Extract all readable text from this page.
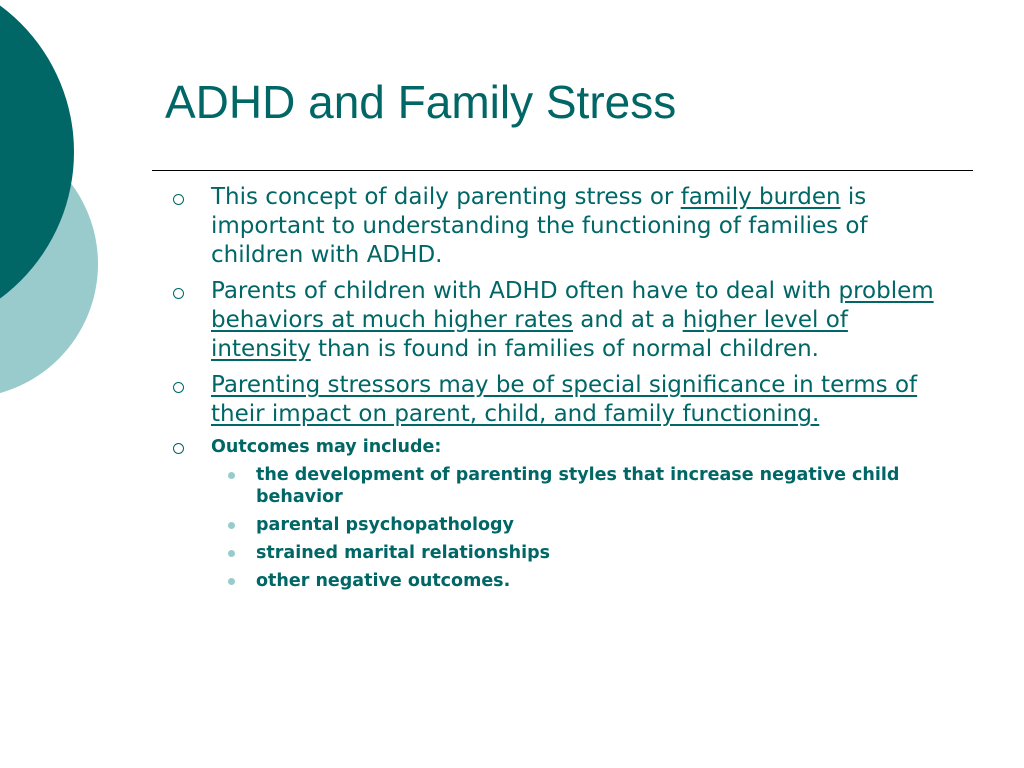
ADHD and Family Stress
This concept of daily parenting stress or family burden is important to understanding the functioning of families of children with ADHD.
Parents of children with ADHD often have to deal with problem behaviors at much higher rates and at a higher level of intensity than is found in families of normal children.
Parenting stressors may be of special significance in terms of their impact on parent, child, and family functioning.
Outcomes may include:
the development of parenting styles that increase negative child behavior
parental psychopathology
strained marital relationships
other negative outcomes.
